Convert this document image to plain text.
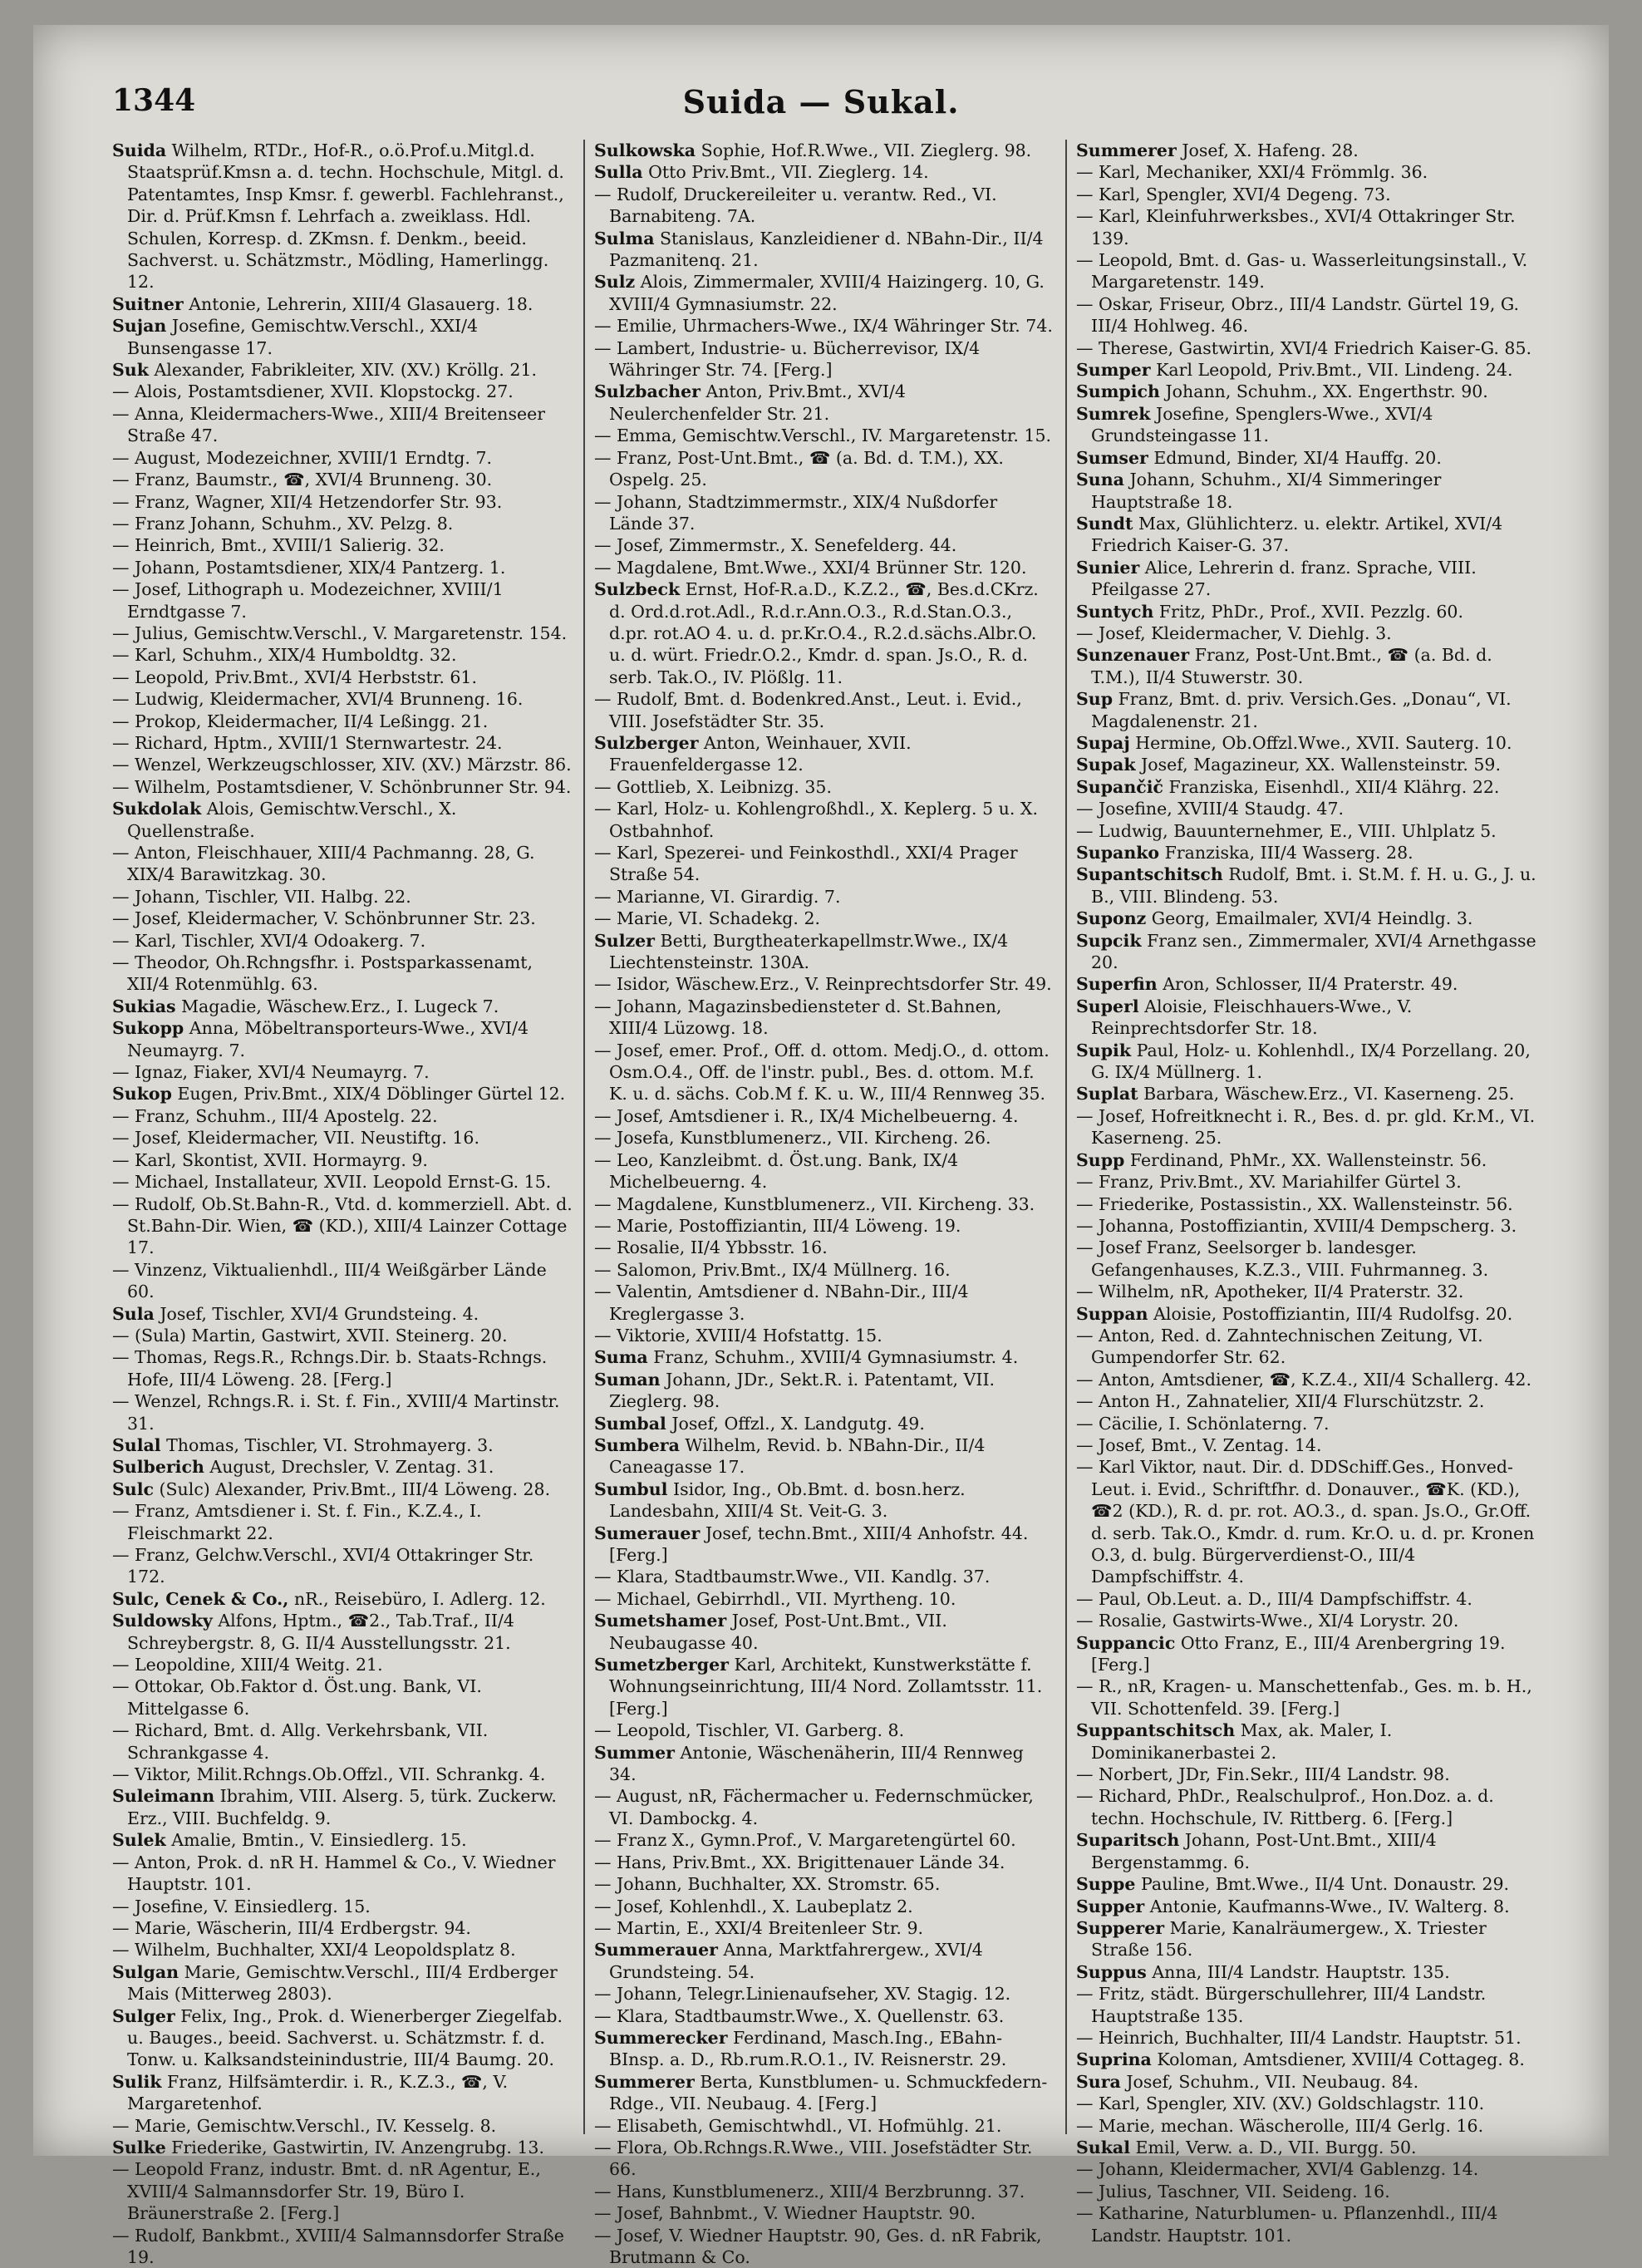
1344	Suida — Sukal.

Suida Wilhelm, RTDr., Hof-R., o.ö.Prof.u.Mitgl.d. Staatsprüf.Kmsn a. d. techn. Hochschule, Mitgl. d. Patentamtes, Insp Kmsr. f. gewerbl. Fachlehranst., Dir. d. Prüf.Kmsn f. Lehrfach a. zweiklass. Hdl. Schulen, Korresp. d. ZKmsn. f. Denkm., beeid. Sachverst. u. Schätzmstr., Mödling, Hamerlingg. 12.

Suitner Antonie, Lehrerin, XIII/4 Glasauerg. 18.

Sujan Josefine, Gemischtw.Verschl., XXI/4 Bunsengasse 17.

Suk Alexander, Fabrikleiter, XIV. (XV.) Kröllg. 21.

— Alois, Postamtsdiener, XVII. Klopstockg. 27.

— Anna, Kleidermachers-Wwe., XIII/4 Breitenseer Straße 47.

— August, Modezeichner, XVIII/1 Erndtg. 7.

— Franz, Baumstr., ☎, XVI/4 Brunneng. 30.

— Franz, Wagner, XII/4 Hetzendorfer Str. 93.

— Franz Johann, Schuhm., XV. Pelzg. 8.

— Heinrich, Bmt., XVIII/1 Salierig. 32.

— Johann, Postamtsdiener, XIX/4 Pantzerg. 1.

— Josef, Lithograph u. Modezeichner, XVIII/1 Erndtgasse 7.

— Julius, Gemischtw.Verschl., V. Margaretenstr. 154.

— Karl, Schuhm., XIX/4 Humboldtg. 32.

— Leopold, Priv.Bmt., XVI/4 Herbststr. 61.

— Ludwig, Kleidermacher, XVI/4 Brunneng. 16.

— Prokop, Kleidermacher, II/4 Leßingg. 21.

— Richard, Hptm., XVIII/1 Sternwartestr. 24.

— Wenzel, Werkzeugschlosser, XIV. (XV.) Märzstr. 86.

— Wilhelm, Postamtsdiener, V. Schönbrunner Str. 94.

Sukdolak Alois, Gemischtw.Verschl., X. Quellenstraße.

— Anton, Fleischhauer, XIII/4 Pachmanng. 28, G. XIX/4 Barawitzkag. 30.

— Johann, Tischler, VII. Halbg. 22.

— Josef, Kleidermacher, V. Schönbrunner Str. 23.

— Karl, Tischler, XVI/4 Odoakerg. 7.

— Theodor, Oh.Rchngsfhr. i. Postsparkassenamt, XII/4 Rotenmühlg. 63.

Sukias Magadie, Wäschew.Erz., I. Lugeck 7.

Sukopp Anna, Möbeltransporteurs-Wwe., XVI/4 Neumayrg. 7.

— Ignaz, Fiaker, XVI/4 Neumayrg. 7.

Sukop Eugen, Priv.Bmt., XIX/4 Döblinger Gürtel 12.

— Franz, Schuhm., III/4 Apostelg. 22.

— Josef, Kleidermacher, VII. Neustiftg. 16.

— Karl, Skontist, XVII. Hormayrg. 9.

— Michael, Installateur, XVII. Leopold Ernst-G. 15.

— Rudolf, Ob.St.Bahn-R., Vtd. d. kommerziell. Abt. d. St.Bahn-Dir. Wien, ☎ (KD.), XIII/4 Lainzer Cottage 17.

— Vinzenz, Viktualienhdl., III/4 Weißgärber Lände 60.

Sula Josef, Tischler, XVI/4 Grundsteing. 4.

— (Sula) Martin, Gastwirt, XVII. Steinerg. 20.

— Thomas, Regs.R., Rchngs.Dir. b. Staats-Rchngs. Hofe, III/4 Löweng. 28. [Ferg.]

— Wenzel, Rchngs.R. i. St. f. Fin., XVIII/4 Martinstr. 31.

Sulal Thomas, Tischler, VI. Strohmayerg. 3.

Sulberich August, Drechsler, V. Zentag. 31.

Sulc (Sulc) Alexander, Priv.Bmt., III/4 Löweng. 28.

— Franz, Amtsdiener i. St. f. Fin., K.Z.4., I. Fleischmarkt 22.

— Franz, Gelchw.Verschl., XVI/4 Ottakringer Str. 172.

Sulc, Cenek & Co., nR., Reisebüro, I. Adlerg. 12.

Suldowsky Alfons, Hptm., ☎2., Tab.Traf., II/4 Schreybergstr. 8, G. II/4 Ausstellungsstr. 21.

— Leopoldine, XIII/4 Weitg. 21.

— Ottokar, Ob.Faktor d. Öst.ung. Bank, VI. Mittelgasse 6.

— Richard, Bmt. d. Allg. Verkehrsbank, VII. Schrankgasse 4.

— Viktor, Milit.Rchngs.Ob.Offzl., VII. Schrankg. 4.

Suleimann Ibrahim, VIII. Alserg. 5, türk. Zuckerw. Erz., VIII. Buchfeldg. 9.

Sulek Amalie, Bmtin., V. Einsiedlerg. 15.

— Anton, Prok. d. nR H. Hammel & Co., V. Wiedner Hauptstr. 101.

— Josefine, V. Einsiedlerg. 15.

— Marie, Wäscherin, III/4 Erdbergstr. 94.

— Wilhelm, Buchhalter, XXI/4 Leopoldsplatz 8.

Sulgan Marie, Gemischtw.Verschl., III/4 Erdberger Mais (Mitterweg 2803).

Sulger Felix, Ing., Prok. d. Wienerberger Ziegelfab. u. Bauges., beeid. Sachverst. u. Schätzmstr. f. d. Tonw. u. Kalksandsteinindustrie, III/4 Baumg. 20.

Sulik Franz, Hilfsämterdir. i. R., K.Z.3., ☎, V. Margaretenhof.

— Marie, Gemischtw.Verschl., IV. Kesselg. 8.

Sulke Friederike, Gastwirtin, IV. Anzengrubg. 13.

— Leopold Franz, industr. Bmt. d. nR Agentur, E., XVIII/4 Salmannsdorfer Str. 19, Büro I. Bräunerstraße 2. [Ferg.]

— Rudolf, Bankbmt., XVIII/4 Salmannsdorfer Straße 19.

Sulkowska Sophie, Hof.R.Wwe., VII. Zieglerg. 98.

Sulla Otto Priv.Bmt., VII. Zieglerg. 14.

— Rudolf, Druckereileiter u. verantw. Red., VI. Barnabiteng. 7A.

Sulma Stanislaus, Kanzleidiener d. NBahn-Dir., II/4 Pazmanitenq. 21.

Sulz Alois, Zimmermaler, XVIII/4 Haizingerg. 10, G. XVIII/4 Gymnasiumstr. 22.

— Emilie, Uhrmachers-Wwe., IX/4 Währinger Str. 74.

— Lambert, Industrie- u. Bücherrevisor, IX/4 Währinger Str. 74. [Ferg.]

Sulzbacher Anton, Priv.Bmt., XVI/4 Neulerchenfelder Str. 21.

— Emma, Gemischtw.Verschl., IV. Margaretenstr. 15.

— Franz, Post-Unt.Bmt., ☎ (a. Bd. d. T.M.), XX. Ospelg. 25.

— Johann, Stadtzimmermstr., XIX/4 Nußdorfer Lände 37.

— Josef, Zimmermstr., X. Senefelderg. 44.

— Magdalene, Bmt.Wwe., XXI/4 Brünner Str. 120.

Sulzbeck Ernst, Hof-R.a.D., K.Z.2., ☎, Bes.d.CKrz. d. Ord.d.rot.Adl., R.d.r.Ann.O.3., R.d.Stan.O.3., d.pr. rot.AO 4. u. d. pr.Kr.O.4., R.2.d.sächs.Albr.O. u. d. würt. Friedr.O.2., Kmdr. d. span. Js.O., R. d. serb. Tak.O., IV. Plößlg. 11.

— Rudolf, Bmt. d. Bodenkred.Anst., Leut. i. Evid., VIII. Josefstädter Str. 35.

Sulzberger Anton, Weinhauer, XVII. Frauenfeldergasse 12.

— Gottlieb, X. Leibnizg. 35.

— Karl, Holz- u. Kohlengroßhdl., X. Keplerg. 5 u. X. Ostbahnhof.

— Karl, Spezerei- und Feinkosthdl., XXI/4 Prager Straße 54.

— Marianne, VI. Girardig. 7.

— Marie, VI. Schadekg. 2.

Sulzer Betti, Burgtheaterkapellmstr.Wwe., IX/4 Liechtensteinstr. 130A.

— Isidor, Wäschew.Erz., V. Reinprechtsdorfer Str. 49.

— Johann, Magazinsbediensteter d. St.Bahnen, XIII/4 Lüzowg. 18.

— Josef, emer. Prof., Off. d. ottom. Medj.O., d. ottom. Osm.O.4., Off. de l'instr. publ., Bes. d. ottom. M.f. K. u. d. sächs. Cob.M f. K. u. W., III/4 Rennweg 35.

— Josef, Amtsdiener i. R., IX/4 Michelbeuerng. 4.

— Josefa, Kunstblumenerz., VII. Kircheng. 26.

— Leo, Kanzleibmt. d. Öst.ung. Bank, IX/4 Michelbeuerng. 4.

— Magdalene, Kunstblumenerz., VII. Kircheng. 33.

— Marie, Postoffiziantin, III/4 Löweng. 19.

— Rosalie, II/4 Ybbsstr. 16.

— Salomon, Priv.Bmt., IX/4 Müllnerg. 16.

— Valentin, Amtsdiener d. NBahn-Dir., III/4 Kreglergasse 3.

— Viktorie, XVIII/4 Hofstattg. 15.

Suma Franz, Schuhm., XVIII/4 Gymnasiumstr. 4.

Suman Johann, JDr., Sekt.R. i. Patentamt, VII. Zieglerg. 98.

Sumbal Josef, Offzl., X. Landgutg. 49.

Sumbera Wilhelm, Revid. b. NBahn-Dir., II/4 Caneagasse 17.

Sumbul Isidor, Ing., Ob.Bmt. d. bosn.herz. Landesbahn, XIII/4 St. Veit-G. 3.

Sumerauer Josef, techn.Bmt., XIII/4 Anhofstr. 44. [Ferg.]

— Klara, Stadtbaumstr.Wwe., VII. Kandlg. 37.

— Michael, Gebirrhdl., VII. Myrtheng. 10.

Sumetshamer Josef, Post-Unt.Bmt., VII. Neubaugasse 40.

Sumetzberger Karl, Architekt, Kunstwerkstätte f. Wohnungseinrichtung, III/4 Nord. Zollamtsstr. 11. [Ferg.]

— Leopold, Tischler, VI. Garberg. 8.

Summer Antonie, Wäschenäherin, III/4 Rennweg 34.

— August, nR, Fächermacher u. Federnschmücker, VI. Dambockg. 4.

— Franz X., Gymn.Prof., V. Margaretengürtel 60.

— Hans, Priv.Bmt., XX. Brigittenauer Lände 34.

— Johann, Buchhalter, XX. Stromstr. 65.

— Josef, Kohlenhdl., X. Laubeplatz 2.

— Martin, E., XXI/4 Breitenleer Str. 9.

Summerauer Anna, Marktfahrergew., XVI/4 Grundsteing. 54.

— Johann, Telegr.Linienaufseher, XV. Stagig. 12.

— Klara, Stadtbaumstr.Wwe., X. Quellenstr. 63.

Summerecker Ferdinand, Masch.Ing., EBahn-BInsp. a. D., Rb.rum.R.O.1., IV. Reisnerstr. 29.

Summerer Berta, Kunstblumen- u. Schmuckfedern-Rdge., VII. Neubaug. 4. [Ferg.]

— Elisabeth, Gemischtwhdl., VI. Hofmühlg. 21.

— Flora, Ob.Rchngs.R.Wwe., VIII. Josefstädter Str. 66.

— Hans, Kunstblumenerz., XIII/4 Berzbrunng. 37.

— Josef, Bahnbmt., V. Wiedner Hauptstr. 90.

— Josef, V. Wiedner Hauptstr. 90, Ges. d. nR Fabrik, Brutmann & Co.

Summerer Josef, X. Hafeng. 28.

— Karl, Mechaniker, XXI/4 Frömmlg. 36.

— Karl, Spengler, XVI/4 Degeng. 73.

— Karl, Kleinfuhrwerksbes., XVI/4 Ottakringer Str. 139.

— Leopold, Bmt. d. Gas- u. Wasserleitungsinstall., V. Margaretenstr. 149.

— Oskar, Friseur, Obrz., III/4 Landstr. Gürtel 19, G. III/4 Hohlweg. 46.

— Therese, Gastwirtin, XVI/4 Friedrich Kaiser-G. 85.

Sumper Karl Leopold, Priv.Bmt., VII. Lindeng. 24.

Sumpich Johann, Schuhm., XX. Engerthstr. 90.

Sumrek Josefine, Spenglers-Wwe., XVI/4 Grundsteingasse 11.

Sumser Edmund, Binder, XI/4 Hauffg. 20.

Suna Johann, Schuhm., XI/4 Simmeringer Hauptstraße 18.

Sundt Max, Glühlichterz. u. elektr. Artikel, XVI/4 Friedrich Kaiser-G. 37.

Sunier Alice, Lehrerin d. franz. Sprache, VIII. Pfeilgasse 27.

Suntych Fritz, PhDr., Prof., XVII. Pezzlg. 60.

— Josef, Kleidermacher, V. Diehlg. 3.

Sunzenauer Franz, Post-Unt.Bmt., ☎ (a. Bd. d. T.M.), II/4 Stuwerstr. 30.

Sup Franz, Bmt. d. priv. Versich.Ges. „Donau“, VI. Magdalenenstr. 21.

Supaj Hermine, Ob.Offzl.Wwe., XVII. Sauterg. 10.

Supak Josef, Magazineur, XX. Wallensteinstr. 59.

Supančič Franziska, Eisenhdl., XII/4 Klährg. 22.

— Josefine, XVIII/4 Staudg. 47.

— Ludwig, Bauunternehmer, E., VIII. Uhlplatz 5.

Supanko Franziska, III/4 Wasserg. 28.

Supantschitsch Rudolf, Bmt. i. St.M. f. H. u. G., J. u. B., VIII. Blindeng. 53.

Suponz Georg, Emailmaler, XVI/4 Heindlg. 3.

Supcik Franz sen., Zimmermaler, XVI/4 Arnethgasse 20.

Superfin Aron, Schlosser, II/4 Praterstr. 49.

Superl Aloisie, Fleischhauers-Wwe., V. Reinprechtsdorfer Str. 18.

Supik Paul, Holz- u. Kohlenhdl., IX/4 Porzellang. 20, G. IX/4 Müllnerg. 1.

Suplat Barbara, Wäschew.Erz., VI. Kaserneng. 25.

— Josef, Hofreitknecht i. R., Bes. d. pr. gld. Kr.M., VI. Kaserneng. 25.

Supp Ferdinand, PhMr., XX. Wallensteinstr. 56.

— Franz, Priv.Bmt., XV. Mariahilfer Gürtel 3.

— Friederike, Postassistin., XX. Wallensteinstr. 56.

— Johanna, Postoffiziantin, XVIII/4 Dempscherg. 3.

— Josef Franz, Seelsorger b. landesger. Gefangenhauses, K.Z.3., VIII. Fuhrmanneg. 3.

— Wilhelm, nR, Apotheker, II/4 Praterstr. 32.

Suppan Aloisie, Postoffiziantin, III/4 Rudolfsg. 20.

— Anton, Red. d. Zahntechnischen Zeitung, VI. Gumpendorfer Str. 62.

— Anton, Amtsdiener, ☎, K.Z.4., XII/4 Schallerg. 42.

— Anton H., Zahnatelier, XII/4 Flurschützstr. 2.

— Cäcilie, I. Schönlaterng. 7.

— Josef, Bmt., V. Zentag. 14.

— Karl Viktor, naut. Dir. d. DDSchiff.Ges., Honved-Leut. i. Evid., Schriftfhr. d. Donauver., ☎K. (KD.), ☎2 (KD.), R. d. pr. rot. AO.3., d. span. Js.O., Gr.Off. d. serb. Tak.O., Kmdr. d. rum. Kr.O. u. d. pr. Kronen O.3, d. bulg. Bürgerverdienst-O., III/4 Dampfschiffstr. 4.

— Paul, Ob.Leut. a. D., III/4 Dampfschiffstr. 4.

— Rosalie, Gastwirts-Wwe., XI/4 Lorystr. 20.

Suppancic Otto Franz, E., III/4 Arenbergring 19. [Ferg.]

— R., nR, Kragen- u. Manschettenfab., Ges. m. b. H., VII. Schottenfeld. 39. [Ferg.]

Suppantschitsch Max, ak. Maler, I. Dominikanerbastei 2.

— Norbert, JDr, Fin.Sekr., III/4 Landstr. 98.

— Richard, PhDr., Realschulprof., Hon.Doz. a. d. techn. Hochschule, IV. Rittberg. 6. [Ferg.]

Suparitsch Johann, Post-Unt.Bmt., XIII/4 Bergenstammg. 6.

Suppe Pauline, Bmt.Wwe., II/4 Unt. Donaustr. 29.

Supper Antonie, Kaufmanns-Wwe., IV. Walterg. 8.

Supperer Marie, Kanalräumergew., X. Triester Straße 156.

Suppus Anna, III/4 Landstr. Hauptstr. 135.

— Fritz, städt. Bürgerschullehrer, III/4 Landstr. Hauptstraße 135.

— Heinrich, Buchhalter, III/4 Landstr. Hauptstr. 51.

Suprina Koloman, Amtsdiener, XVIII/4 Cottageg. 8.

Sura Josef, Schuhm., VII. Neubaug. 84.

— Karl, Spengler, XIV. (XV.) Goldschlagstr. 110.

— Marie, mechan. Wäscherolle, III/4 Gerlg. 16.

Sukal Emil, Verw. a. D., VII. Burgg. 50.

— Johann, Kleidermacher, XVI/4 Gablenzg. 14.

— Julius, Taschner, VII. Seideng. 16.

— Katharine, Naturblumen- u. Pflanzenhdl., III/4 Landstr. Hauptstr. 101.
